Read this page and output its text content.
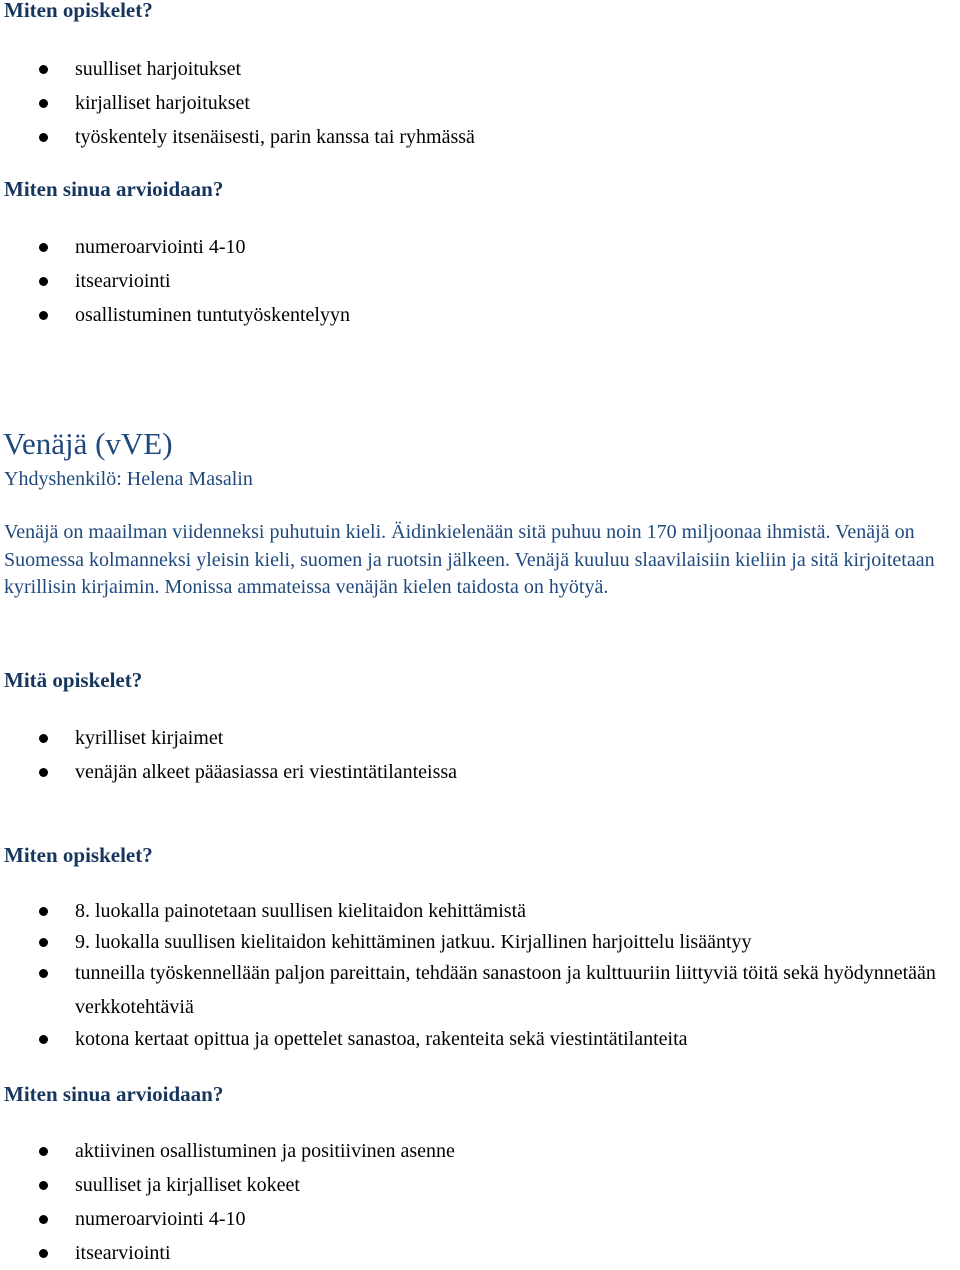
Miten opiskelet?
suulliset harjoitukset
kirjalliset harjoitukset
työskentely itsenäisesti, parin kanssa tai ryhmässä
Miten sinua arvioidaan?
numeroarviointi 4-10
itsearviointi
osallistuminen tuntutyöskentelyyn
Venäjä (vVE)
Yhdyshenkilö: Helena Masalin
Venäjä on maailman viidenneksi puhutuin kieli. Äidinkielenään sitä puhuu noin 170 miljoonaa ihmistä. Venäjä on Suomessa kolmanneksi yleisin kieli, suomen ja ruotsin jälkeen. Venäjä kuuluu slaavilaisiin kieliin ja sitä kirjoitetaan kyrillisin kirjaimin. Monissa ammateissa venäjän kielen taidosta on hyötyä.
Mitä opiskelet?
kyrilliset kirjaimet
venäjän alkeet pääasiassa eri viestintätilanteissa
Miten opiskelet?
8. luokalla painotetaan suullisen kielitaidon kehittämistä
9. luokalla suullisen kielitaidon kehittäminen jatkuu. Kirjallinen harjoittelu lisääntyy
tunneilla työskennellään paljon pareittain, tehdään sanastoon ja kulttuuriin liittyviä töitä sekä hyödynnetään verkkotehtäviä
kotona kertaat opittua ja opettelet sanastoa, rakenteita sekä viestintätilanteita
Miten sinua arvioidaan?
aktiivinen osallistuminen ja positiivinen asenne
suulliset ja kirjalliset kokeet
numeroarviointi 4-10
itsearviointi
